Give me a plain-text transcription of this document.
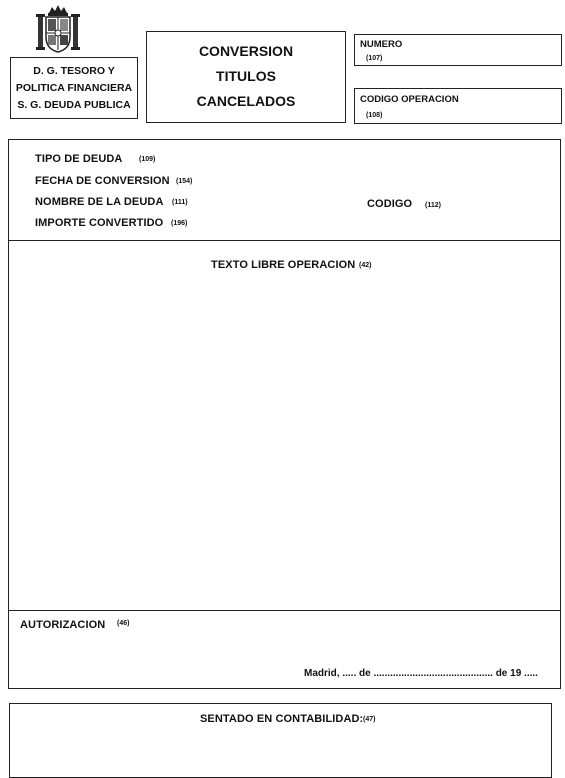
D. G. TESORO Y
POLITICA FINANCIERA
S. G. DEUDA PUBLICA
CONVERSION
TITULOS
CANCELADOS
NUMERO
(107)
CODIGO OPERACION
(108)
TIPO DE DEUDA (109)
FECHA DE CONVERSION (154)
NOMBRE DE LA DEUDA (111)
IMPORTE CONVERTIDO (196)
CODIGO (112)
TEXTO LIBRE OPERACION (42)
AUTORIZACION (46)
Madrid, ..... de ........................................... de 19 .....
SENTADO EN CONTABILIDAD: (47)
